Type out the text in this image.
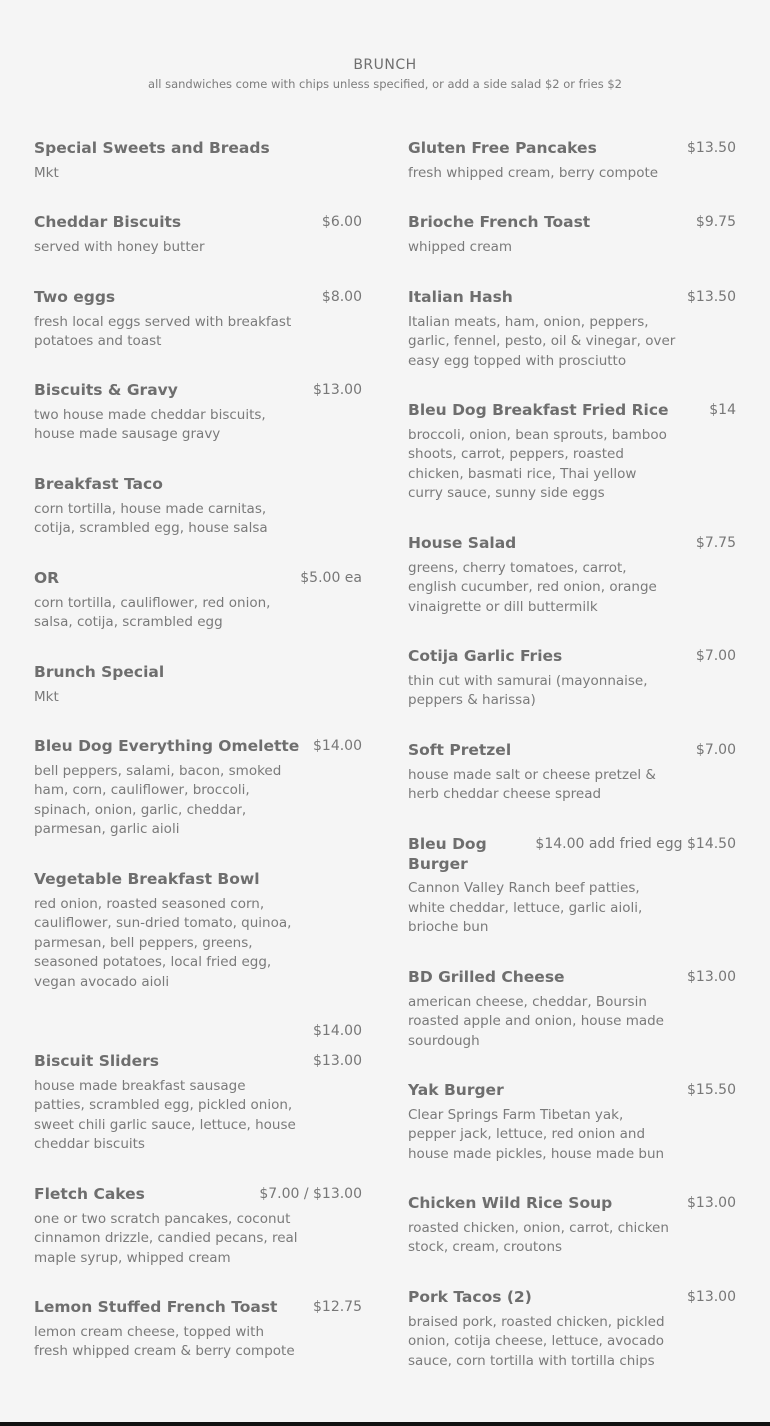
BRUNCH
all sandwiches come with chips unless specified, or add a side salad $2 or fries $2
Special Sweets and Breads
Mkt
Cheddar Biscuits	$6.00
served with honey butter
Two eggs	$8.00
fresh local eggs served with breakfast
potatoes and toast
Biscuits & Gravy	$13.00
two house made cheddar biscuits,
house made sausage gravy
Breakfast Taco
corn tortilla, house made carnitas,
cotija, scrambled egg, house salsa
OR	$5.00 ea
corn tortilla, cauliflower, red onion,
salsa, cotija, scrambled egg
Brunch Special
Mkt
Bleu Dog Everything Omelette $14.00
bell peppers, salami, bacon, smoked
ham, corn, cauliflower, broccoli,
spinach, onion, garlic, cheddar,
parmesan, garlic aioli
Vegetable Breakfast Bowl
red onion, roasted seasoned corn,
cauliflower, sun-dried tomato, quinoa,
parmesan, bell peppers, greens,
seasoned potatoes, local fried egg,
vegan avocado aioli
$14.00
Biscuit Sliders	$13.00
house made breakfast sausage
patties, scrambled egg, pickled onion,
sweet chili garlic sauce, lettuce, house
cheddar biscuits
Fletch Cakes	$7.00 / $13.00
one or two scratch pancakes, coconut
cinnamon drizzle, candied pecans, real
maple syrup, whipped cream
Lemon Stuffed French Toast	$12.75
lemon cream cheese, topped with
fresh whipped cream & berry compote
Gluten Free Pancakes	$13.50
fresh whipped cream, berry compote
Brioche French Toast	$9.75
whipped cream
Italian Hash	$13.50
Italian meats, ham, onion, peppers,
garlic, fennel, pesto, oil & vinegar, over
easy egg topped with prosciutto
Bleu Dog Breakfast Fried Rice	$14
broccoli, onion, bean sprouts, bamboo
shoots, carrot, peppers, roasted
chicken, basmati rice, Thai yellow
curry sauce, sunny side eggs
House Salad	$7.75
greens, cherry tomatoes, carrot,
english cucumber, red onion, orange
vinaigrette or dill buttermilk
Cotija Garlic Fries	$7.00
thin cut with samurai (mayonnaise,
peppers & harissa)
Soft Pretzel	$7.00
house made salt or cheese pretzel &
herb cheddar cheese spread
Bleu Dog
Burger
$14.00 add fried egg $14.50
Cannon Valley Ranch beef patties,
white cheddar, lettuce, garlic aioli,
brioche bun
BD Grilled Cheese	$13.00
american cheese, cheddar, Boursin
roasted apple and onion, house made
sourdough
Yak Burger	$15.50
Clear Springs Farm Tibetan yak,
pepper jack, lettuce, red onion and
house made pickles, house made bun
Chicken Wild Rice Soup	$13.00
roasted chicken, onion, carrot, chicken
stock, cream, croutons
Pork Tacos (2)	$13.00
braised pork, roasted chicken, pickled
onion, cotija cheese, lettuce, avocado
sauce, corn tortilla with tortilla chips
